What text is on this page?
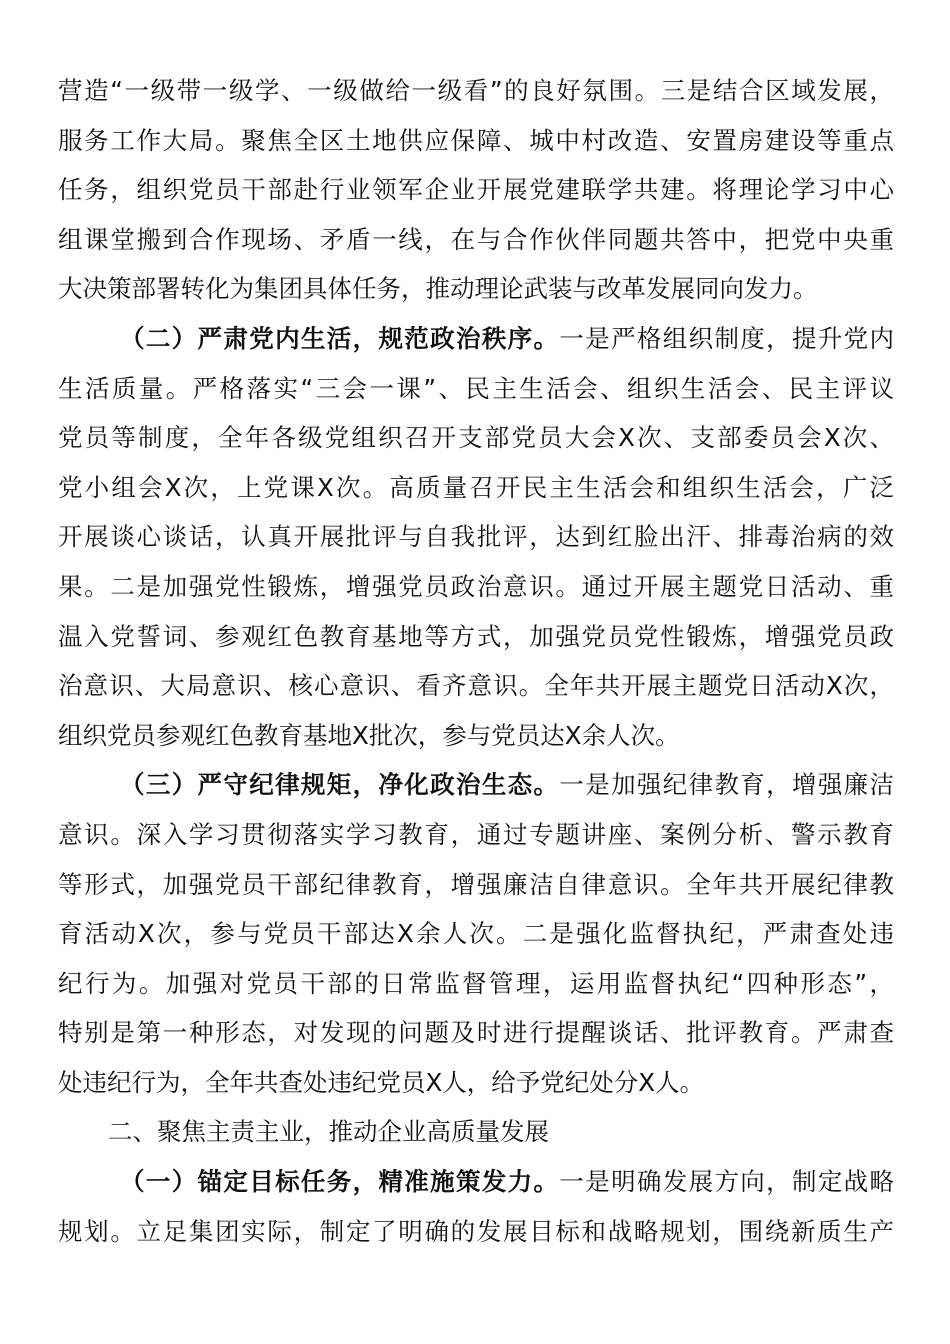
营造“一级带一级学、一级做给一级看”的良好氛围。三是结合区域发展，
服务工作大局。聚焦全区土地供应保障、城中村改造、安置房建设等重点
任务，组织党员干部赴行业领军企业开展党建联学共建。将理论学习中心
组课堂搬到合作现场、矛盾一线，在与合作伙伴同题共答中，把党中央重
大决策部署转化为集团具体任务，推动理论武装与改革发展同向发力。
（二）严肃党内生活，规范政治秩序。一是严格组织制度，提升党内
生活质量。严格落实“三会一课”、民主生活会、组织生活会、民主评议
党员等制度，全年各级党组织召开支部党员大会X次、支部委员会X次、
党小组会X次，上党课X次。高质量召开民主生活会和组织生活会，广泛
开展谈心谈话，认真开展批评与自我批评，达到红脸出汗、排毒治病的效
果。二是加强党性锻炼，增强党员政治意识。通过开展主题党日活动、重
温入党誓词、参观红色教育基地等方式，加强党员党性锻炼，增强党员政
治意识、大局意识、核心意识、看齐意识。全年共开展主题党日活动X次，
组织党员参观红色教育基地X批次，参与党员达X余人次。
（三）严守纪律规矩，净化政治生态。一是加强纪律教育，增强廉洁
意识。深入学习贯彻落实学习教育，通过专题讲座、案例分析、警示教育
等形式，加强党员干部纪律教育，增强廉洁自律意识。全年共开展纪律教
育活动X次，参与党员干部达X余人次。二是强化监督执纪，严肃查处违
纪行为。加强对党员干部的日常监督管理，运用监督执纪“四种形态”，
特别是第一种形态，对发现的问题及时进行提醒谈话、批评教育。严肃查
处违纪行为，全年共查处违纪党员X人，给予党纪处分X人。
二、聚焦主责主业，推动企业高质量发展
（一）锚定目标任务，精准施策发力。一是明确发展方向，制定战略
规划。立足集团实际，制定了明确的发展目标和战略规划，围绕新质生产
